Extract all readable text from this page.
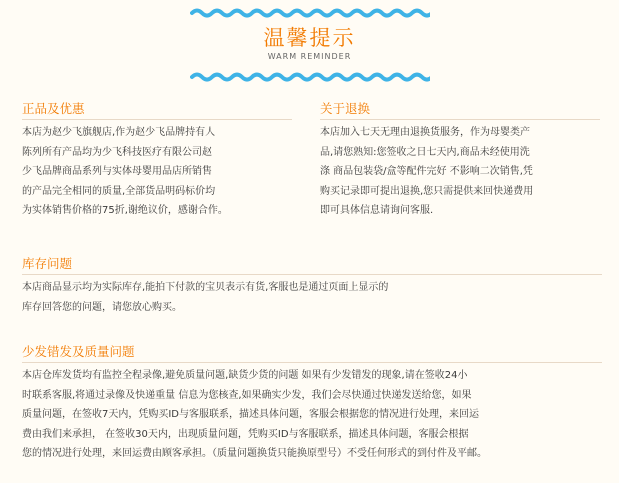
温馨提示
WARM REMINDER
正品及优惠
本店为赵少飞旗舰店,作为赵少飞品牌持有人
陈列所有产品均为少飞科技医疗有限公司赵
少飞品牌商品系列与实体母婴用品店所销售
的产品完全相同的质量,全部货品明码标价均
为实体销售价格的75折,谢绝议价，感谢合作。
关于退换
本店加入七天无理由退换货服务，作为母婴类产
品,请您熟知:您签收之日七天内,商品未经使用洗
涤 商品包装袋/盒等配件完好 不影响二次销售,凭
购买记录即可提出退换,您只需提供来回快递费用
即可具体信息请询问客服.
库存问题
本店商品显示均为实际库存,能拍下付款的宝贝表示有货,客服也是通过页面上显示的
库存回答您的问题，请您放心购买。
少发错发及质量问题
本店仓库发货均有监控全程录像,避免质量问题,缺货少货的问题 如果有少发错发的现象,请在签收24小
时联系客服,将通过录像及快递重量 信息为您核查,如果确实少发，我们会尽快通过快递发送给您，如果
质量问题，在签收7天内，凭购买ID与客服联系，描述具体问题，客服会根据您的情况进行处理，来回运
费由我们来承担， 在签收30天内，出现质量问题，凭购买ID与客服联系，描述具体问题，客服会根据
您的情况进行处理，来回运费由顾客承担。（质量问题换货只能换原型号）不受任何形式的到付件及平邮。
